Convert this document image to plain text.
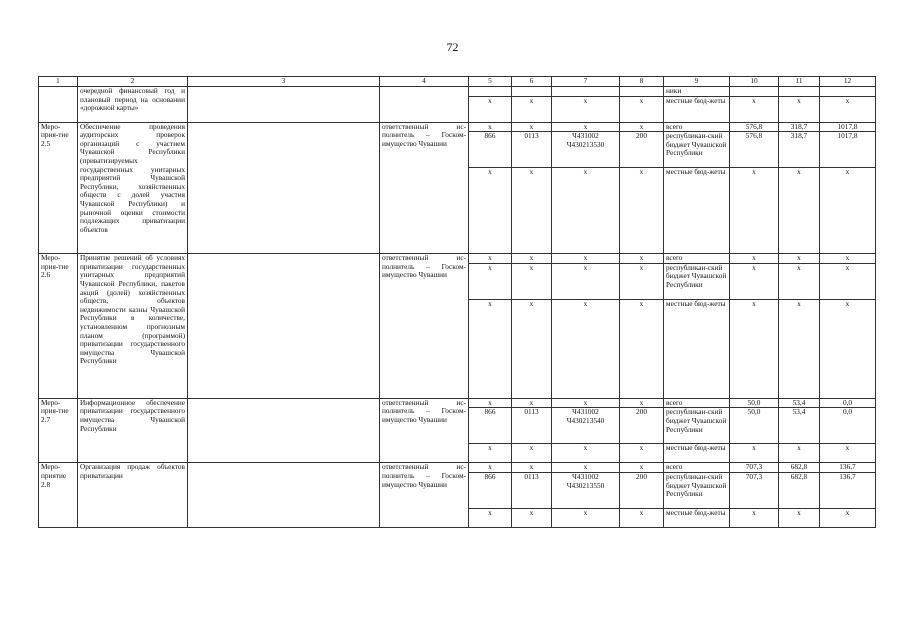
72
1	2	3	4	5	6	7	8	9	10	11	12
	очередной финансовый год и плановый период на основании «дорожной карты»							ники			
				x	x	x	x	местные бюд-жеты	x	x	x
Меро-прия-тие 2.5	Обеспечение проведения аудиторских проверок организаций с участием Чувашской Республики (приватизируемых государственных унитарных предприятий Чувашской Республики, хозяйственных обществ с долей участия Чувашской Республики) и рыночной оценки стоимости подлежащих приватизации объектов		ответственный ис-полнитель – Госком-имущество Чувашии	x	x	x	x	всего	576,8	318,7	1017,8
				866	0113	Ч431002 Ч430213530	200	республикан-ский бюджет Чувашской Республики	576,8	318,7	1017,8
				x	x	x	x	местные бюд-жеты	x	x	x
Меро-прия-тие 2.6	Принятие решений об условиях приватизации государственных унитарных предприятий Чувашской Республики, пакетов акций (долей) хозяйственных обществ, объектов недвижимости казны Чувашской Республики в количестве, установленном прогнозным планом (программой) приватизации государственного имущества Чувашской Республики		ответственный ис-полнитель – Госком-имущество Чувашии	x	x	x	x	всего	x	x	x
				x	x	x	x	республикан-ский бюджет Чувашской Республики	x	x	x
				x	x	x	x	местные бюд-жеты	x	x	x
Меро-прия-тие 2.7	Информационное обеспечение приватизации государственного имущества Чувашской Республики		ответственный ис-полнитель – Госком-имущество Чувашии	x	x	x	x	всего	50,0	53,4	0,0
				866	0113	Ч431002 Ч430213540	200	республикан-ский бюджет Чувашской Республики	50,0	53,4	0,0
				x	x	x	x	местные бюд-жеты	x	x	x
Меро-приятие 2.8	Организация продаж объектов приватизации		ответственный ис-полнитель – Госком-имущество Чувашии	x	x	x	x	всего	707,3	682,8	136,7
				866	0113	Ч431002 Ч430213550	200	республикан-ский бюджет Чувашской Республики	707,3	682,8	136,7
				x	x	x	x	местные бюд-жеты	x	x	x
